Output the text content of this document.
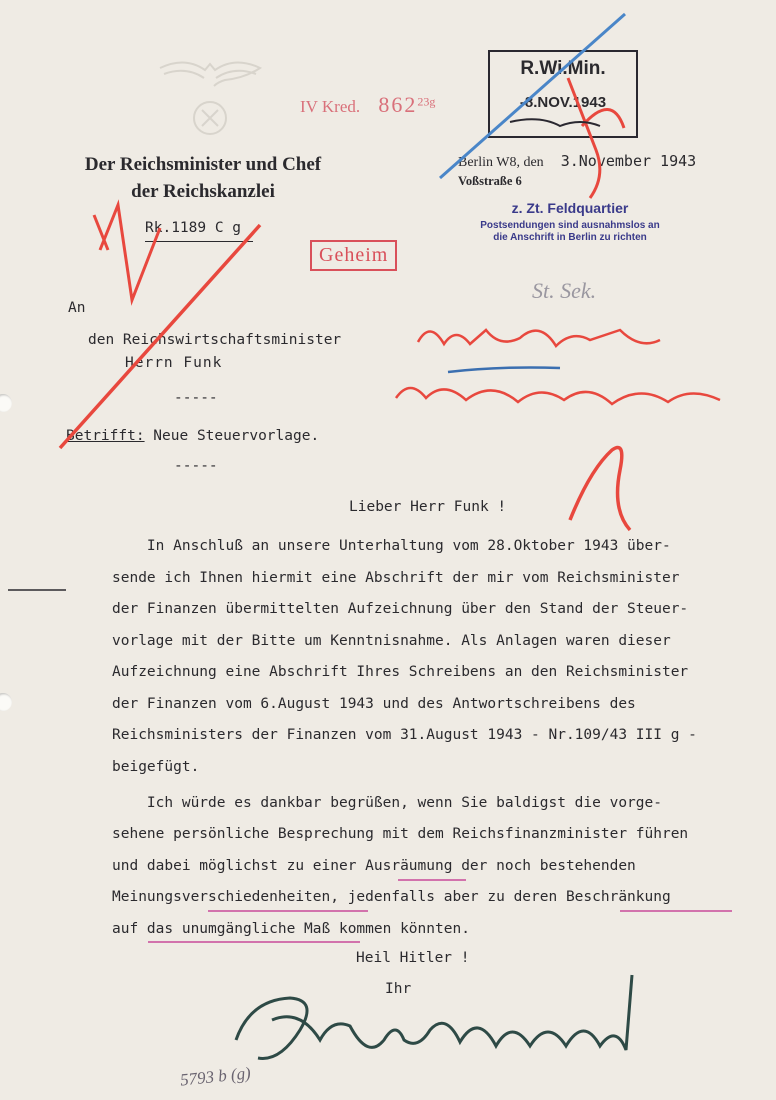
Der Reichsminister und Chef
der Reichskanzlei
IV Kred. $862^{23g}$
R.Wi.Min.
-8.NOV.1943
Berlin W8, den 3.November 1943
Voßstraße 6
z. Zt. Feldquartier
Postsendungen sind ausnahmslos an
die Anschrift in Berlin zu richten
Rk.1189 C g
Geheim
St. Sek.
An
den Reichswirtschaftsminister
Herrn Funk
-----
Betrifft: Neue Steuervorlage.
-----
Lieber Herr Funk !
In Anschluß an unsere Unterhaltung vom 28.Oktober 1943 über-
sende ich Ihnen hiermit eine Abschrift der mir vom Reichsminister
der Finanzen übermittelten Aufzeichnung über den Stand der Steuer-
vorlage mit der Bitte um Kenntnisnahme. Als Anlagen waren dieser
Aufzeichnung eine Abschrift Ihres Schreibens an den Reichsminister
der Finanzen vom 6.August 1943 und des Antwortschreibens des
Reichsministers der Finanzen vom 31.August 1943 - Nr.109/43 III g -
beigefügt.
Ich würde es dankbar begrüßen, wenn Sie baldigst die vorge-
sehene persönliche Besprechung mit dem Reichsfinanzminister führen
und dabei möglichst zu einer Ausräumung der noch bestehenden
Meinungsverschiedenheiten, jedenfalls aber zu deren Beschränkung
auf das unumgängliche Maß kommen könnten.
Heil Hitler !
Ihr
5793 b (g)
